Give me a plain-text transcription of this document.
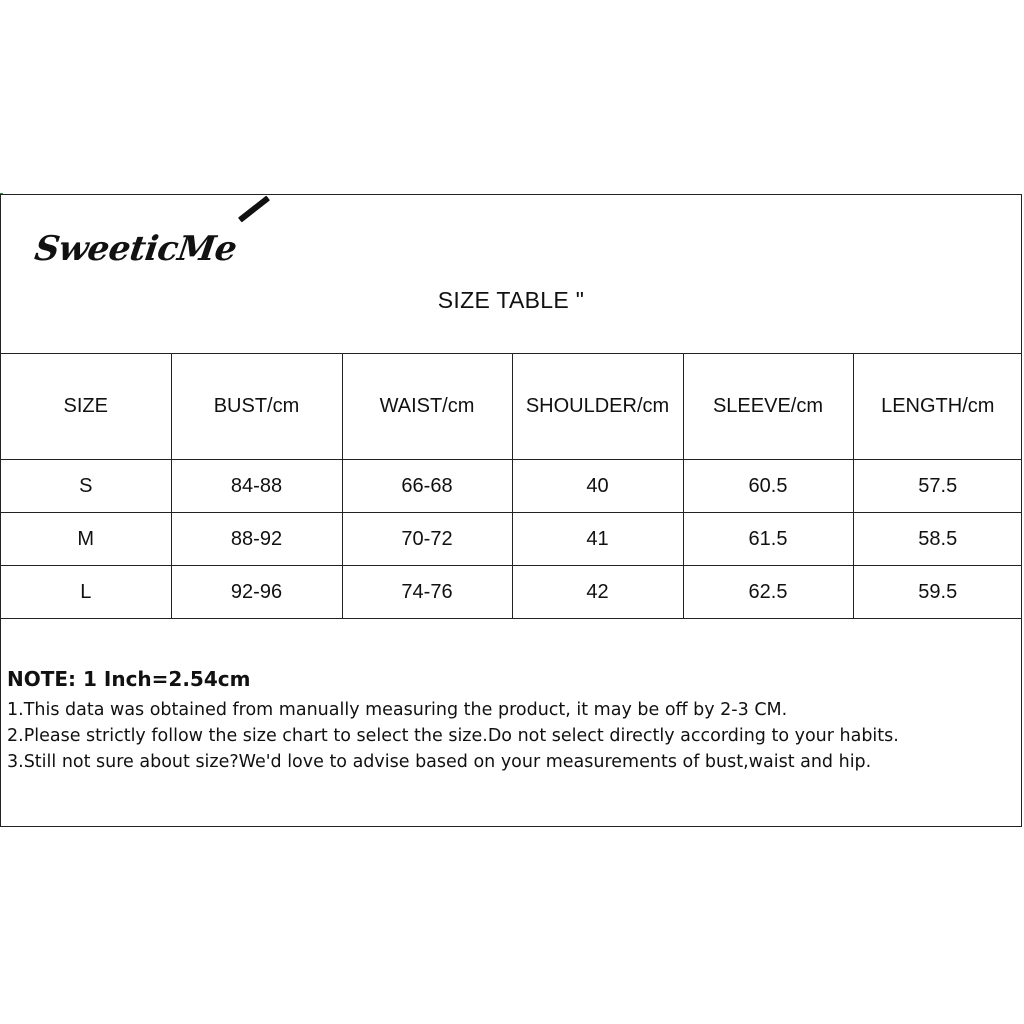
SweeticMe
SIZE TABLE "
SIZE	BUST/cm	WAIST/cm	SHOULDER/cm	SLEEVE/cm	LENGTH/cm
S	84-88	66-68	40	60.5	57.5
M	88-92	70-72	41	61.5	58.5
L	92-96	74-76	42	62.5	59.5

NOTE: 1 Inch=2.54cm

1.This data was obtained from manually measuring the product, it may be off by 2-3 CM.

2.Please strictly follow the size chart to select the size.Do not select directly according to your habits.

3.Still not sure about size?We'd love to advise based on your measurements of bust,waist and hip.
